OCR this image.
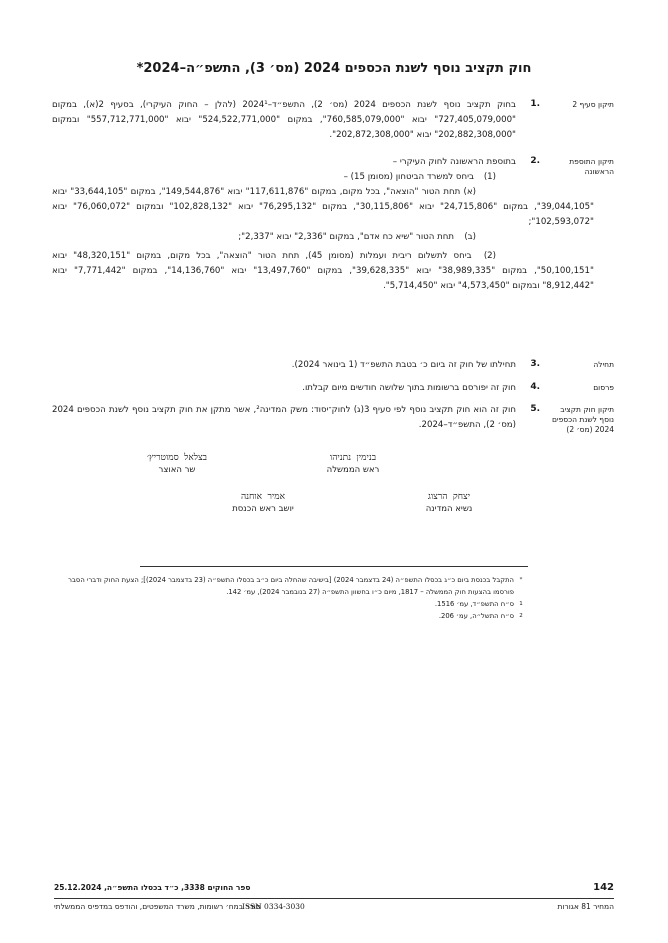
חוק תקציב נוסף לשנת הכספים 2024 (מס׳ 3), התשפ״ה–2024*
תיקון סעיף 2
.1
בחוק תקציב נוסף לשנת הכספים 2024 (מס׳ 2), התשפ״ד–2024¹ (להלן – החוק העיקרי), בסעיף 2(א), במקום "727,405,079,000" יבוא "760,585,079,000", במקום "524,522,771,000" יבוא "557,712,771,000" ובמקום "202,882,308,000" יבוא "202,872,308,000".
תיקון התוספת הראשונה
.2
בתוספת הראשונה לחוק העיקרי –
(1)
ביחס למשרד הביטחון (מסומן 15) –
(א) תחת הטור "הוצאה", בכל מקום, במקום "117,611,876" יבוא "149,544,876", במקום "33,644,105" יבוא "39,044,105", במקום "24,715,806" יבוא "30,115,806", במקום "76,295,132" יבוא "102,828,132" ובמקום "76,060,072" יבוא "102,593,072";
(ב)
תחת הטור "שיא כח אדם", במקום "2,336" יבוא "2,337";
(2)  ביחס לתשלום ריבית ועמלות (מסומן 45), תחת הטור "הוצאה", בכל מקום, במקום "48,320,151" יבוא "50,100,151", במקום "38,989,335" יבוא "39,628,335", במקום "13,497,760" יבוא "14,136,760", במקום "7,771,442" יבוא "8,912,442" ובמקום "4,573,450" יבוא "5,714,450".
תחילה
.3
תחילתו של חוק זה ביום כ׳ בטבת התשפ״ד (1 בינואר 2024).
פרסום
.4
חוק זה יפורסם ברשומות בתוך שלושה חודשים מיום קבלתו.
תיקון חוק תקציב נוסף לשנת הכספים 2024 (מס׳ 2)
.5
חוק זה הוא חוק תקציב נוסף לפי סעיף 3(ג) לחוק־יסוד: משק המדינה², אשר מתקן את חוק תקציב נוסף לשנת הכספים 2024 (מס׳ 2), התשפ״ד–2024.
בנימין נתניהו
ראש הממשלה
בצלאל סמוטריץ׳
שר האוצר
יצחק הרצוג
נשיא המדינה
אמיר אוחנה
יושב ראש הכנסת
*
התקבל בכנסת ביום כ״ג בכסלו התשפ״ה (24 בדצמבר 2024) [בישיבה שהחלה ביום כ״ב בכסלו התשפ״ה (23 בדצמבר 2024)]; הצעת החוק ודברי הסבר פורסמו בהצעות חוק הממשלה – 1817, מיום כ״ו בחשוון התשפ״ה (27 בנובמבר 2024), עמ׳ 142.
1
ס״ח התשפ״ד, עמ׳ 1516.
2
ס״ח התשל״ה, עמ׳ 206.
142
ספר החוקים 3338, כ״ד בכסלו התשפ״ה, 25.12.2024
המחיר 81 אגורות
ISSN 0334-3030
סודר במח׳ רשומות, משרד המשפטים, והודפס במדפיס הממשלתי
